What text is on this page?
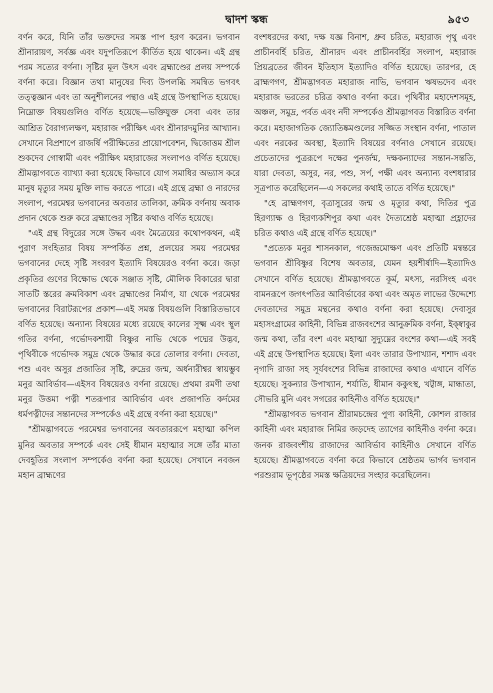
দ্বাদশ স্কন্ধ	৯৫৩

বর্ণন করে, যিনি তাঁর ভক্তদের সমস্ত পাপ হরণ করেন। ভগবান শ্রীনারায়ণ, সর্বজ্ঞ এবং যদুপতিরূপে কীর্তিত হয়ে থাকেন। এই গ্রন্থ পরম সত্যের বর্ণনা। সৃষ্টির মূল উৎস এবং ব্রহ্মাণ্ডের প্রলয় সম্পর্কে বর্ণনা করে। বিজ্ঞান তথা মানুষের দিব্য উপলব্ধি সমন্বিত ভগবৎ তত্ত্বজ্ঞান এবং তা অনুশীলনের পন্থাও এই গ্রন্থে উপস্থাপিত হয়েছে। নিম্নোক্ত বিষয়গুলিও বর্ণিত হয়েছে—ভক্তিযুক্ত সেবা এবং তার আশ্রিত বৈরাগ্যলক্ষণ, মহারাজ পরীক্ষিৎ এবং শ্রীনারদমুনির আখ্যান। সেখানে বিপ্রশাপে রাজর্ষি পরীক্ষিতের প্রায়োপবেশন, দ্বিজোত্তম শ্রীল শুকদেব গোস্বামী এবং পরীক্ষিৎ মহারাজের সংলাপও বর্ণিত হয়েছে। শ্রীমদ্ভাগবতে ব্যাখ্যা করা হয়েছে কিভাবে যোগ সমাধির অভ্যাস করে মানুষ মৃত্যুর সময় মুক্তি লাভ করতে পারে। এই গ্রন্থে ব্রহ্মা ও নারদের সংলাপ, পরমেশ্বর ভগবানের অবতার তালিকা, ক্রমিক বর্ণনায় অবাক প্রদান থেকে শুরু করে ব্রহ্মাণ্ডের সৃষ্টির কথাও বর্ণিত হয়েছে।

"এই গ্রন্থ বিদুরের সঙ্গে উদ্ধব এবং মৈত্রেয়ের কথোপকথন, এই পুরাণ সংহিতার বিষয় সম্পর্কিত প্রশ্ন, প্রলয়ের সময় পরমেশ্বর ভগবানের দেহে সৃষ্টি সংবরণ ইত্যাদি বিষয়েরও বর্ণনা করে। জড়া প্রকৃতির গুণের বিক্ষোভ থেকে সঞ্জাত সৃষ্টি, মৌলিক বিকারের দ্বারা সাতটি স্তরের ক্রমবিকাশ এবং ব্রহ্মাণ্ডের নির্মাণ, যা থেকে পরমেশ্বর ভগবানের বিরাটরূপের প্রকাশ—এই সমস্ত বিষয়গুলি বিস্তারিতভাবে বর্ণিত হয়েছে। অন্যান্য বিষয়ের মধ্যে রয়েছে কালের সূক্ষ্ম এবং স্থূল গতির বর্ণনা, গর্ভোদকশায়ী বিষ্ণুর নাভি থেকে পদ্মের উদ্ভব, পৃথিবীকে গর্ভোদক সমুদ্র থেকে উদ্ধার করে তোলার বর্ণনা। দেবতা, পশু এবং অসুর প্রজাতির সৃষ্টি, রুদ্রের জন্ম, অর্ধনারীশ্বর স্বায়ম্ভুব মনুর আবির্ভাব—এইসব বিষয়েরও বর্ণনা রয়েছে। প্রথমা রমণী তথা মনুর উত্তমা পত্নী শতরূপার আবির্ভাব এবং প্রজাপতি কর্দমের ধর্মপত্নীদের সন্তানদের সম্পর্কেও এই গ্রন্থে বর্ণনা করা হয়েছে।"

"শ্রীমদ্ভাগবতে পরমেশ্বর ভগবানের অবতাররূপে মহাত্মা কপিল মুনির অবতার সম্পর্কে এবং সেই ধীমান মহাত্মার সঙ্গে তাঁর মাতা দেবহূতির সংলাপ সম্পর্কেও বর্ণনা করা হয়েছে। সেখানে নবজন মহান ব্রাহ্মণের

বংশধরদের কথা, দক্ষ যজ্ঞ বিনাশ, ধ্রুব চরিত, মহারাজ পৃথু এবং প্রাচীনবর্হি চরিত, শ্রীনারদ এবং প্রাচীনবর্হির সংলাপ, মহারাজ প্রিয়ব্রতের জীবন ইতিহাস ইত্যাদিও বর্ণিত হয়েছে। তারপর, হে ব্রাহ্মণগণ, শ্রীমদ্ভাগবত মহারাজ নাভি, ভগবান ঋষভদেব এবং মহারাজ ভরতের চরিত্র কথাও বর্ণনা করে। পৃথিবীর মহাদেশসমূহ, অঞ্চল, সমুদ্র, পর্বত এবং নদী সম্পর্কেও শ্রীমদ্ভাগবত বিস্তারিত বর্ণনা করে। মহাজাগতিক জ্যোতিষ্কমণ্ডলের সজ্জিত সংস্থান বর্ণনা, পাতাল এবং নরকের অবস্থা, ইত্যাদি বিষয়ের বর্ণনাও সেখানে রয়েছে। প্রচেতাদের পুত্ররূপে দক্ষের পুনর্জন্ম, দক্ষকন্যাদের সন্তান-সন্ততি, যারা দেবতা, অসুর, নর, পশু, সর্প, পক্ষী এবং অন্যান্য বংশধারার সূত্রপাত করেছিলেন—এ সকলের কথাই তাতে বর্ণিত হয়েছে।"

"হে ব্রাহ্মণগণ, বৃত্রাসুরের জন্ম ও মৃত্যুর কথা, দিতির পুত্র হিরণ্যাক্ষ ও হিরণ্যকশিপুর কথা এবং দৈত্যশ্রেষ্ঠ মহাত্মা প্রহ্লাদের চরিত কথাও এই গ্রন্থে বর্ণিত হয়েছে।"

"প্রত্যেক মনুর শাসনকাল, গজেন্দ্রমোক্ষণ এবং প্রতিটি মন্বন্তরে ভগবান শ্রীবিষ্ণুর বিশেষ অবতার, যেমন হয়শীর্ষাদি—ইত্যাদিও সেখানে বর্ণিত হয়েছে। শ্রীমদ্ভাগবতে কূর্ম, মৎস্য, নরসিংহ এবং বামনরূপে জগৎপতির আবির্ভাবের কথা এবং অমৃত লাভের উদ্দেশ্যে দেবতাদের সমুদ্র মন্থনের কথাও বর্ণনা করা হয়েছে। দেবাসুর মহাসংগ্রামের কাহিনী, বিভিন্ন রাজবংশের আনুক্রমিক বর্ণনা, ইক্ষ্বাকুর জন্ম কথা, তাঁর বংশ এবং মহাত্মা সুদ্যুম্নের বংশের কথা—এই সবই এই গ্রন্থে উপস্থাপিত হয়েছে। ইলা এবং তারার উপাখ্যান, শশাদ এবং নৃগাদি রাজা সহ সূর্যবংশের বিভিন্ন রাজাদের কথাও এখানে বর্ণিত হয়েছে। সুকন্যার উপাখ্যান, শর্যাতি, ধীমান ককুৎস্থ, খট্বাঙ্গ, মান্ধাতা, সৌভরি মুনি এবং সগরের কাহিনীও বর্ণিত হয়েছে।"

"শ্রীমদ্ভাগবত ভগবান শ্রীরামচন্দ্রের পুণ্য কাহিনী, কোশল রাজার কাহিনী এবং মহারাজ নিমির জড়দেহ ত্যাগের কাহিনীও বর্ণনা করে। জনক রাজবংশীয় রাজাদের আবির্ভাব কাহিনীও সেখানে বর্ণিত হয়েছে। শ্রীমদ্ভাগবতে বর্ণনা করে কিভাবে শ্রেষ্ঠতম ভার্গব ভগবান পরশুরাম ভূপৃষ্ঠের সমস্ত ক্ষত্রিয়দের সংহার করেছিলেন।
